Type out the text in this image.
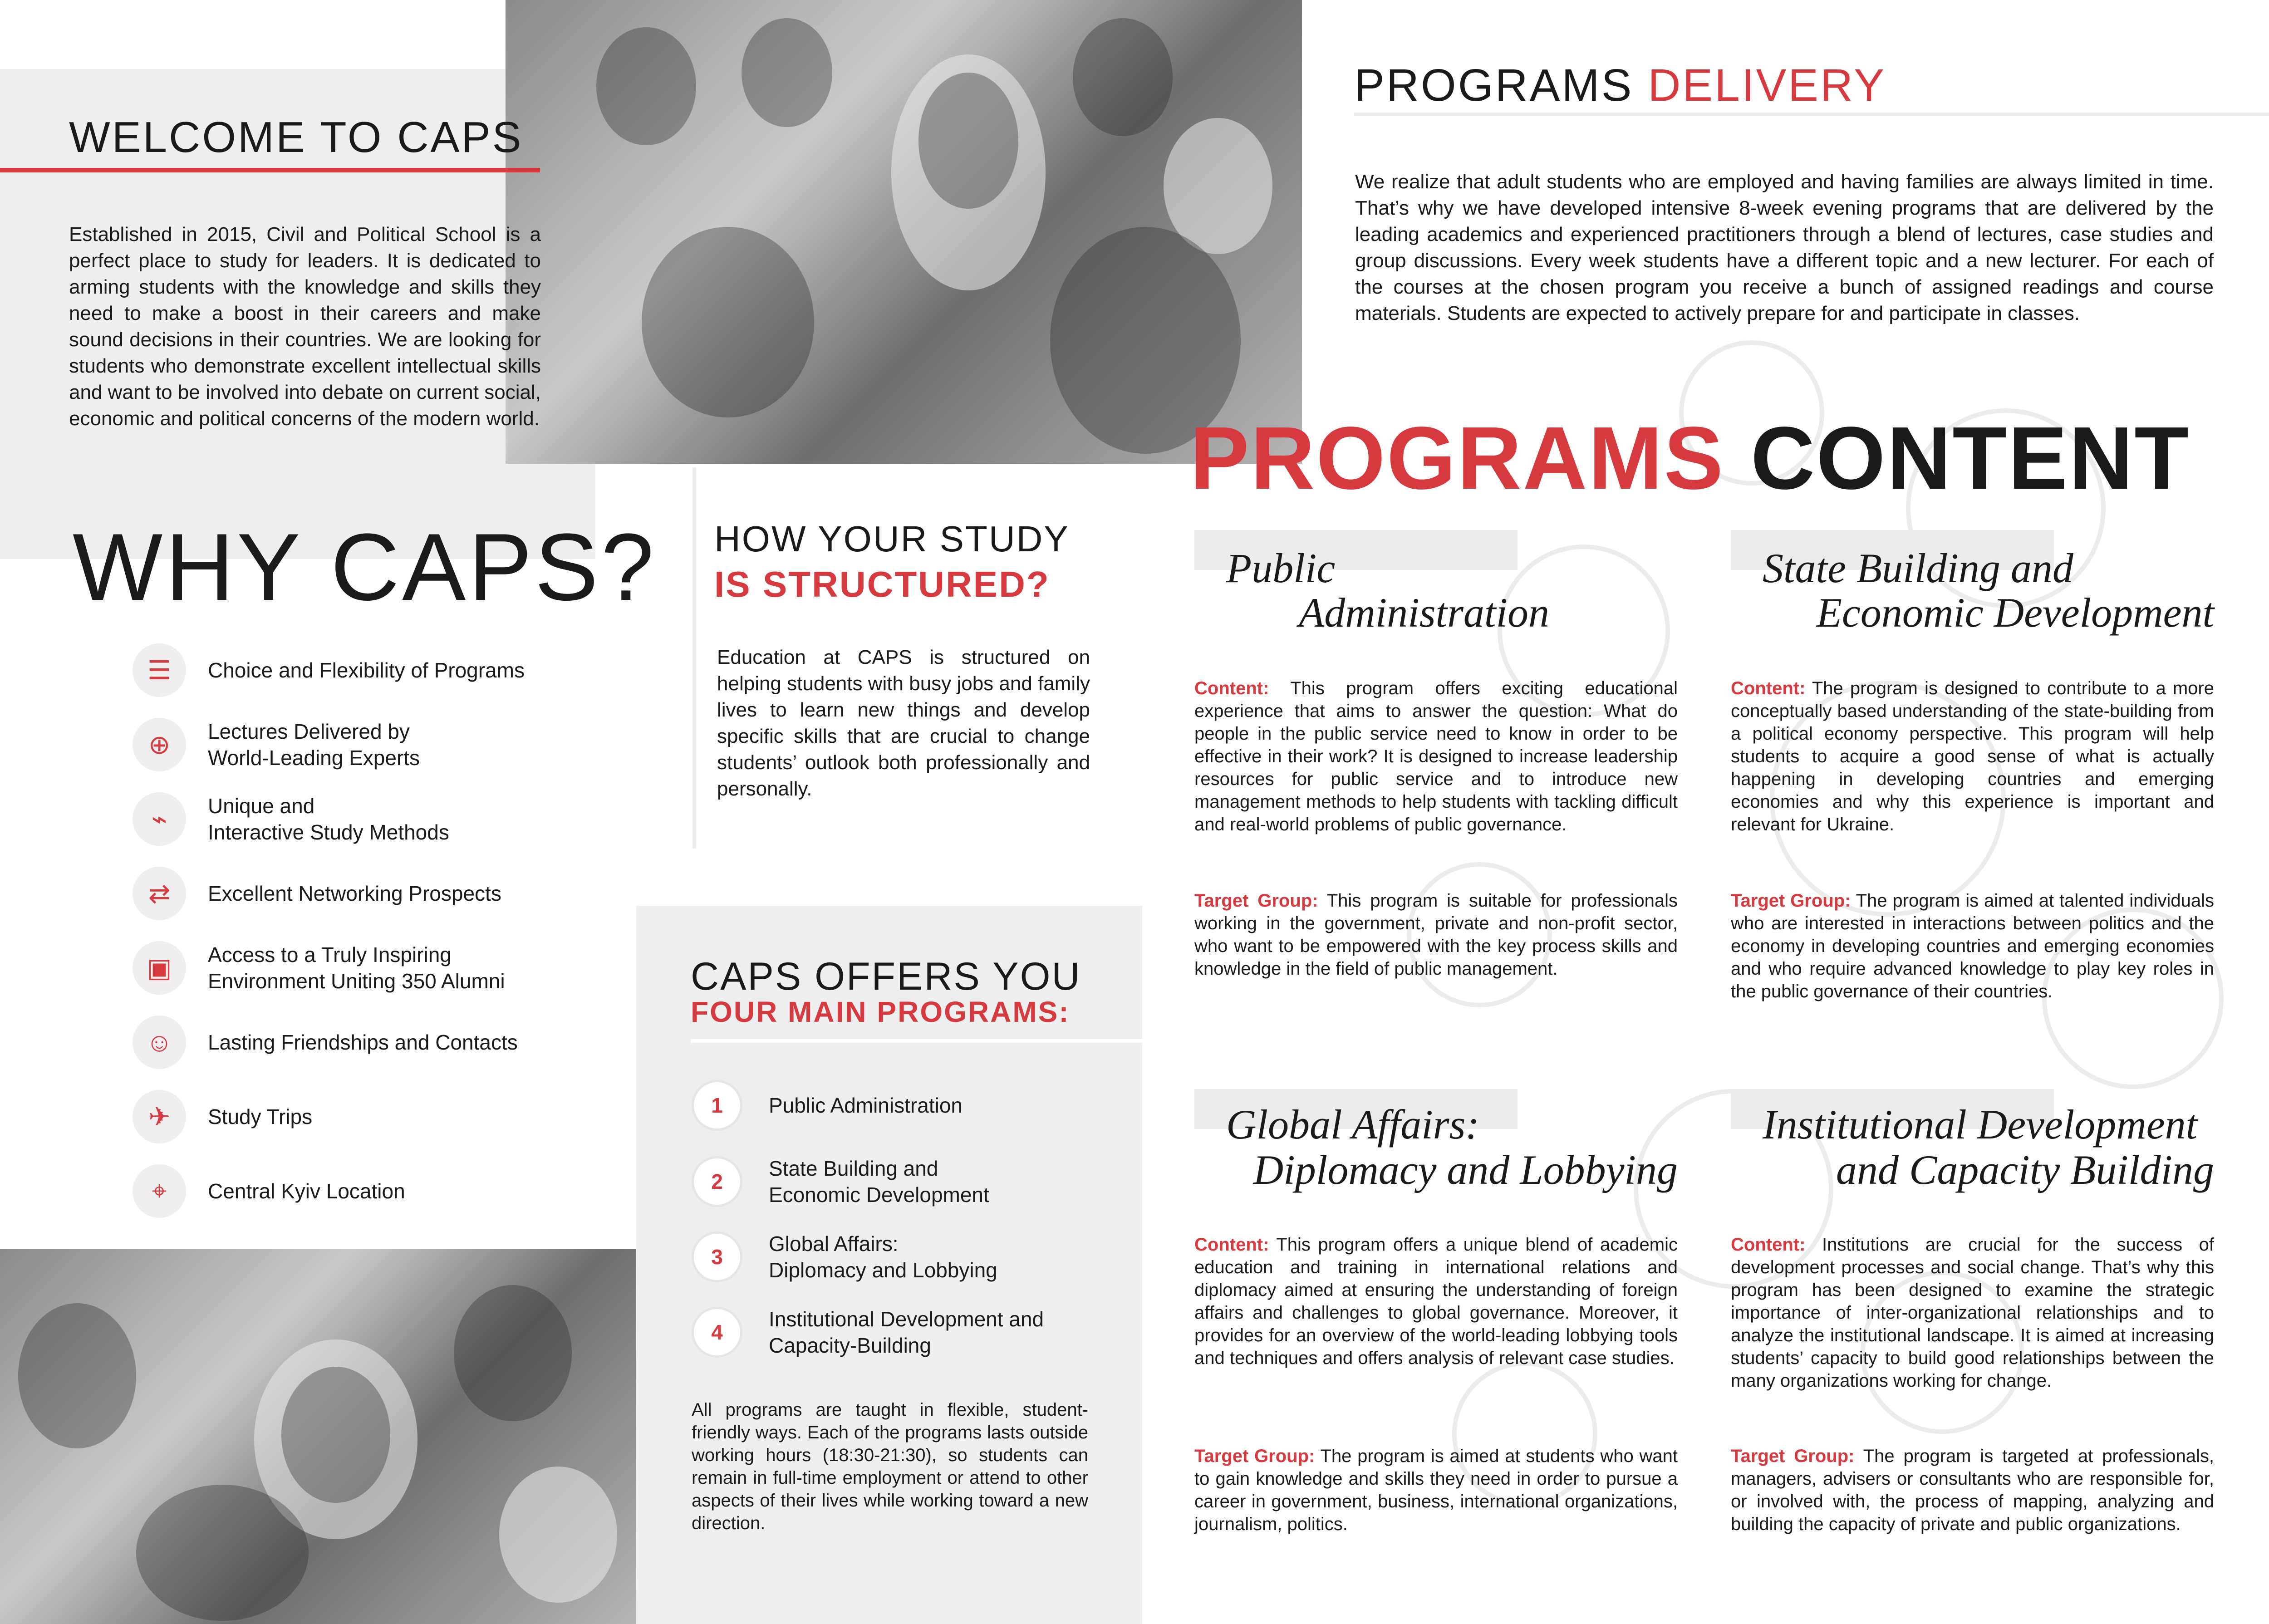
WELCOME TO CAPS
Established in 2015, Civil and Political School is a perfect place to study for leaders. It is dedicated to arming students with the knowledge and skills they need to make a boost in their careers and make sound decisions in their countries. We are looking for students who demonstrate excellent intellectual skills and want to be involved into debate on current social, economic and political concerns of the modern world.
WHY CAPS?
☰	Choice and Flexibility of Programs
⊕	Lectures Delivered by
World-Leading Experts
⌁	Unique and
Interactive Study Methods
⇄	Excellent Networking Prospects
▣	Access to a Truly Inspiring
Environment Uniting 350 Alumni
☺	Lasting Friendships and Contacts
✈	Study Trips
⌖	Central Kyiv Location
HOW YOUR STUDY
IS STRUCTURED?
Education at CAPS is structured on helping students with busy jobs and family lives to learn new things and develop specific skills that are crucial to change students’ outlook both professionally and personally.
CAPS OFFERS YOU
FOUR MAIN PROGRAMS:
1	Public Administration
2
State Building and
Economic Development
3
Global Affairs:
Diplomacy and Lobbying
4
Institutional Development and
Capacity-Building
All programs are taught in flexible, student-friendly ways. Each of the programs lasts outside working hours (18:30-21:30), so students can remain in full-time employment or attend to other aspects of their lives while working toward a new direction.
PROGRAMS DELIVERY
We realize that adult students who are employed and having families are always limited in time. That’s why we have developed intensive 8-week evening programs that are delivered by the leading academics and experienced practitioners through a blend of lectures, case studies and group discussions. Every week students have a different topic and a new lecturer. For each of the courses at the chosen program you receive a bunch of assigned readings and course materials. Students are expected to actively prepare for and participate in classes.
PROGRAMS CONTENT
Public
Administration
Content: This program offers exciting educational experience that aims to answer the question: What do people in the public service need to know in order to be effective in their work? It is designed to increase leadership resources for public service and to introduce new management methods to help students with tackling difficult and real-world problems of public governance.
Target Group: This program is suitable for professionals working in the government, private and non-profit sector, who want to be empowered with the key process skills and knowledge in the field of public management.
State Building and
Economic Development
Content: The program is designed to contribute to a more conceptually based understanding of the state-building from a political economy perspective. This program will help students to acquire a good sense of what is actually happening in developing countries and emerging economies and why this experience is important and relevant for Ukraine.
Target Group: The program is aimed at talented individuals who are interested in interactions between politics and the economy in developing countries and emerging economies and who require advanced knowledge to play key roles in the public governance of their countries.
Global Affairs:
Diplomacy and Lobbying
Content: This program offers a unique blend of academic education and training in international relations and diplomacy aimed at ensuring the understanding of foreign affairs and challenges to global governance. Moreover, it provides for an overview of the world-leading lobbying tools and techniques and offers analysis of relevant case studies.
Target Group: The program is aimed at students who want to gain knowledge and skills they need in order to pursue a career in government, business, international organizations, journalism, politics.
Institutional Development
and Capacity Building
Content: Institutions are crucial for the success of development processes and social change. That’s why this program has been designed to examine the strategic importance of inter-organizational relationships and to analyze the institutional landscape. It is aimed at increasing students’ capacity to build good relationships between the many organizations working for change.
Target Group: The program is targeted at professionals, managers, advisers or consultants who are responsible for, or involved with, the process of mapping, analyzing and building the capacity of private and public organizations.
